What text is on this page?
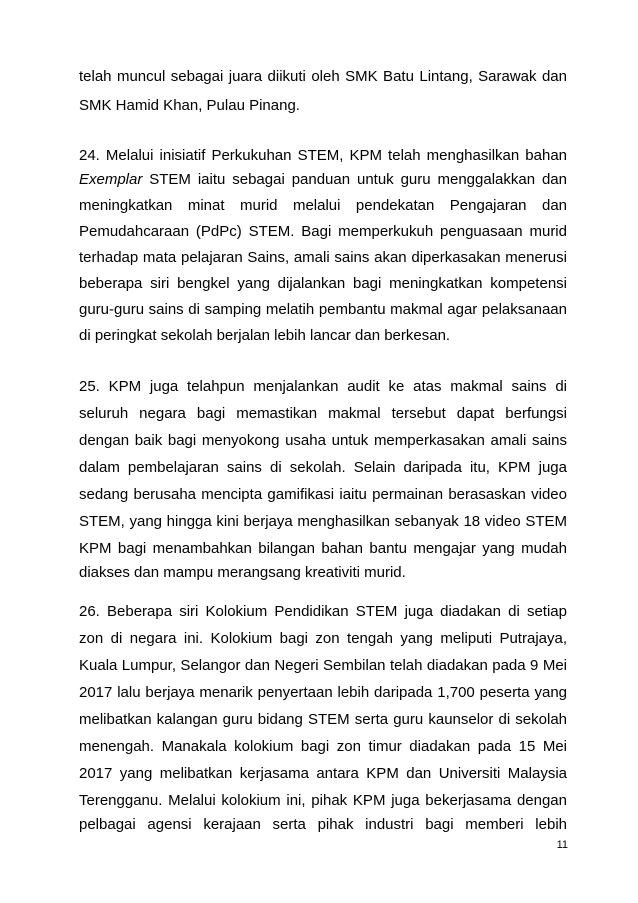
telah muncul sebagai juara diikuti oleh SMK Batu Lintang, Sarawak dan
SMK Hamid Khan, Pulau Pinang.
24. Melalui inisiatif Perkukuhan STEM, KPM telah menghasilkan bahan
Exemplar STEM iaitu sebagai panduan untuk guru menggalakkan dan
meningkatkan minat murid melalui pendekatan Pengajaran dan
Pemudahcaraan (PdPc) STEM. Bagi memperkukuh penguasaan murid
terhadap mata pelajaran Sains, amali sains akan diperkasakan menerusi
beberapa siri bengkel yang dijalankan bagi meningkatkan kompetensi
guru-guru sains di samping melatih pembantu makmal agar pelaksanaan
di peringkat sekolah berjalan lebih lancar dan berkesan.
25. KPM juga telahpun menjalankan audit ke atas makmal sains di
seluruh negara bagi memastikan makmal tersebut dapat berfungsi
dengan baik bagi menyokong usaha untuk memperkasakan amali sains
dalam pembelajaran sains di sekolah. Selain daripada itu, KPM juga
sedang berusaha mencipta gamifikasi iaitu permainan berasaskan video
STEM, yang hingga kini berjaya menghasilkan sebanyak 18 video STEM
KPM bagi menambahkan bilangan bahan bantu mengajar yang mudah
diakses dan mampu merangsang kreativiti murid.
26. Beberapa siri Kolokium Pendidikan STEM juga diadakan di setiap
zon di negara ini. Kolokium bagi zon tengah yang meliputi Putrajaya,
Kuala Lumpur, Selangor dan Negeri Sembilan telah diadakan pada 9 Mei
2017 lalu berjaya menarik penyertaan lebih daripada 1,700 peserta yang
melibatkan kalangan guru bidang STEM serta guru kaunselor di sekolah
menengah. Manakala kolokium bagi zon timur diadakan pada 15 Mei
2017 yang melibatkan kerjasama antara KPM dan Universiti Malaysia
Terengganu. Melalui kolokium ini, pihak KPM juga bekerjasama dengan
pelbagai agensi kerajaan serta pihak industri bagi memberi lebih
11
